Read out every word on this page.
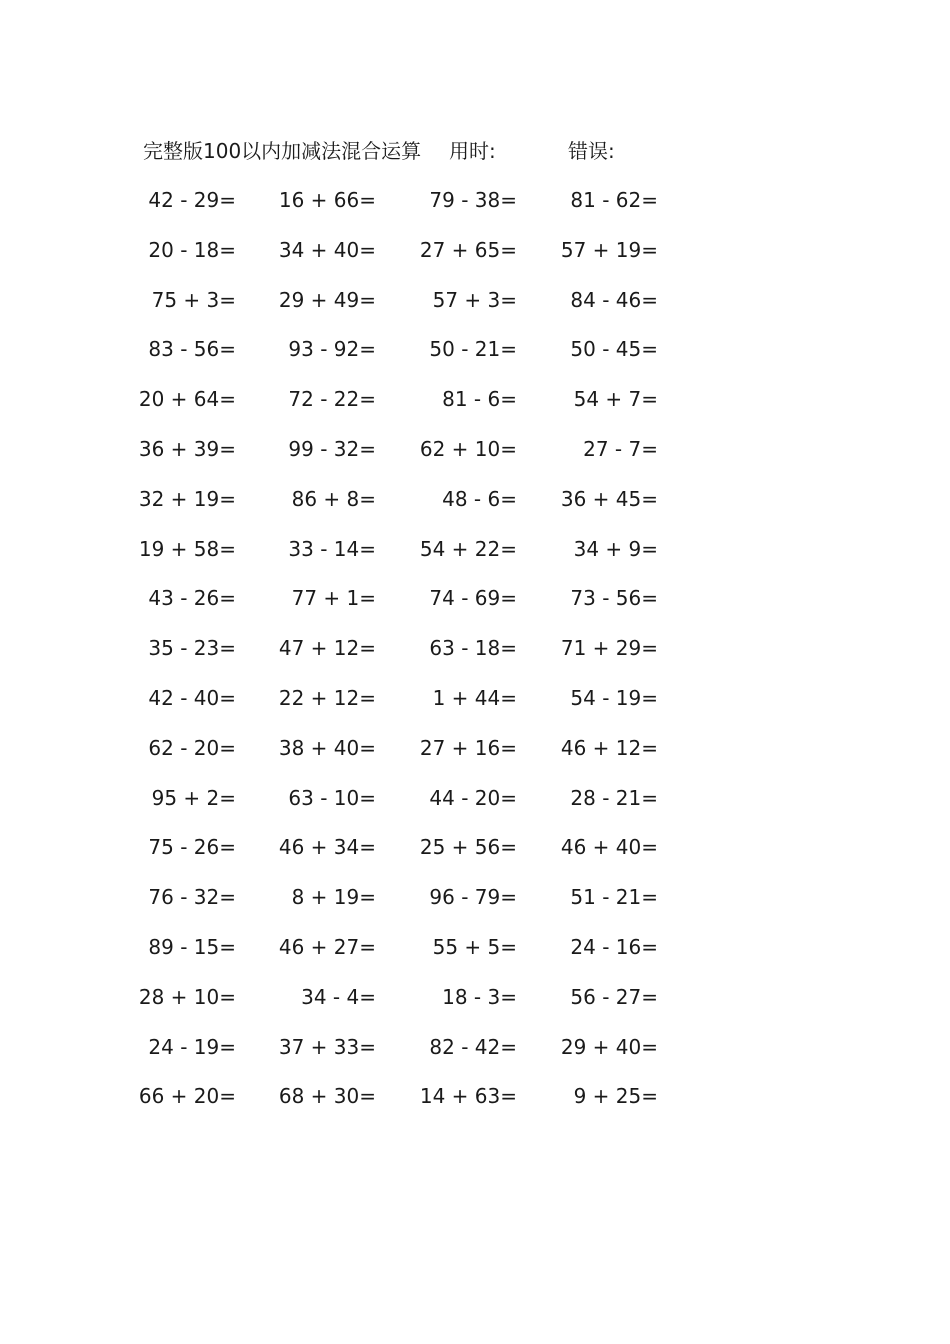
完整版100以内加减法混合运算 用时:	错误:
42 - 29=	16 + 66=	79 - 38=	81 - 62=
20 - 18=	34 + 40=	27 + 65=	57 + 19=
75 + 3=	29 + 49=	57 + 3=	84 - 46=
83 - 56=	93 - 92=	50 - 21=	50 - 45=
20 + 64=	72 - 22=	81 - 6=	54 + 7=
36 + 39=	99 - 32=	62 + 10=	27 - 7=
32 + 19=	86 + 8=	48 - 6=	36 + 45=
19 + 58=	33 - 14=	54 + 22=	34 + 9=
43 - 26=	77 + 1=	74 - 69=	73 - 56=
35 - 23=	47 + 12=	63 - 18=	71 + 29=
42 - 40=	22 + 12=	1 + 44=	54 - 19=
62 - 20=	38 + 40=	27 + 16=	46 + 12=
95 + 2=	63 - 10=	44 - 20=	28 - 21=
75 - 26=	46 + 34=	25 + 56=	46 + 40=
76 - 32=	8 + 19=	96 - 79=	51 - 21=
89 - 15=	46 + 27=	55 + 5=	24 - 16=
28 + 10=	34 - 4=	18 - 3=	56 - 27=
24 - 19=	37 + 33=	82 - 42=	29 + 40=
66 + 20=	68 + 30=	14 + 63=	9 + 25=
